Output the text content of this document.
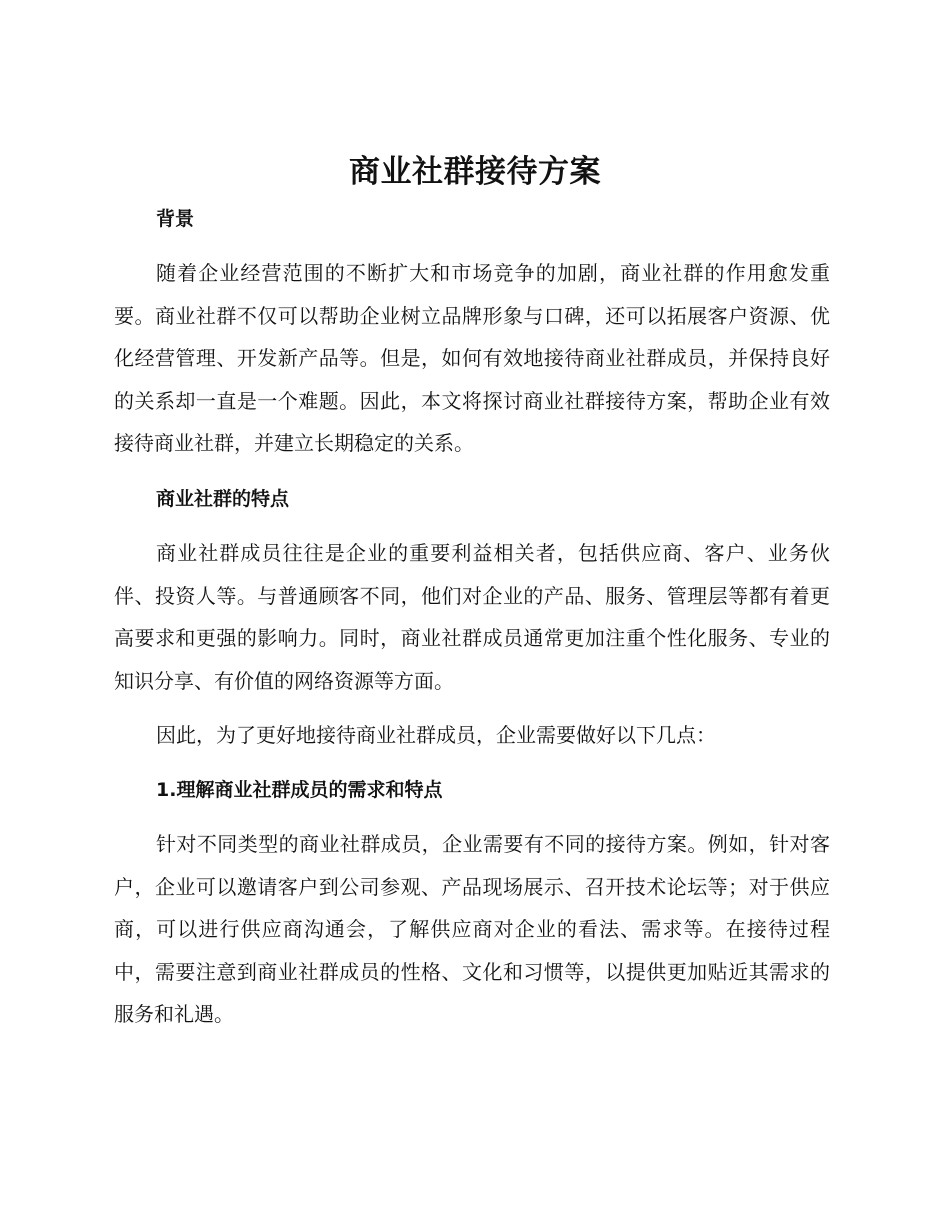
商业社群接待方案
背景

随着企业经营范围的不断扩大和市场竞争的加剧，商业社群的作用愈发重要。商业社群不仅可以帮助企业树立品牌形象与口碑，还可以拓展客户资源、优化经营管理、开发新产品等。但是，如何有效地接待商业社群成员，并保持良好的关系却一直是一个难题。因此，本文将探讨商业社群接待方案，帮助企业有效接待商业社群，并建立长期稳定的关系。

商业社群的特点

商业社群成员往往是企业的重要利益相关者，包括供应商、客户、业务伙伴、投资人等。与普通顾客不同，他们对企业的产品、服务、管理层等都有着更高要求和更强的影响力。同时，商业社群成员通常更加注重个性化服务、专业的知识分享、有价值的网络资源等方面。

因此，为了更好地接待商业社群成员，企业需要做好以下几点：

1.理解商业社群成员的需求和特点

针对不同类型的商业社群成员，企业需要有不同的接待方案。例如，针对客户，企业可以邀请客户到公司参观、产品现场展示、召开技术论坛等；对于供应商，可以进行供应商沟通会，了解供应商对企业的看法、需求等。在接待过程中，需要注意到商业社群成员的性格、文化和习惯等，以提供更加贴近其需求的服务和礼遇。
